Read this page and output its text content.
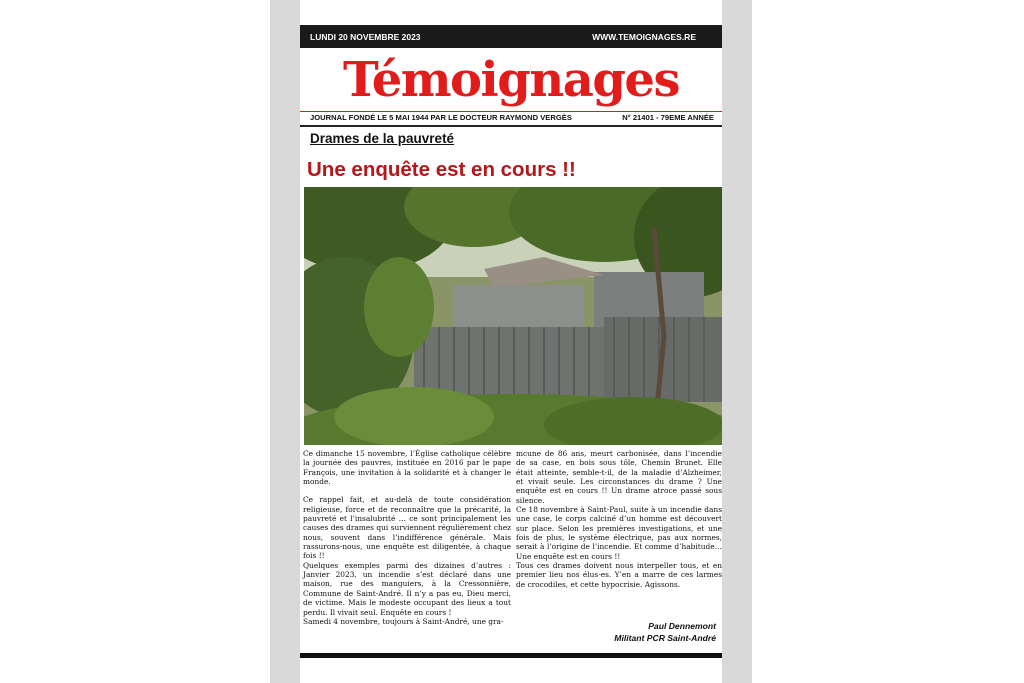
LUNDI 20 NOVEMBRE 2023	WWW.TEMOIGNAGES.RE
Témoignages
JOURNAL FONDÉ LE 5 MAI 1944 PAR LE DOCTEUR RAYMOND VERGÈS	N° 21401 - 79EME ANNÉE
Drames de la pauvreté
Une enquête est en cours !!

Ce dimanche 15 novembre, l’Église catholique célèbre la journée des pauvres, instituée en 2016 par le pape François, une invitation à la solidarité et à changer le monde.

Ce rappel fait, et au-delà de toute considération religieuse, force et de reconnaître que la précarité, la pauvreté et l’insalubrité … ce sont principalement les causes des drames qui surviennent régulièrement chez nous, souvent dans l’indifférence générale. Mais rassurons-nous, une enquête est diligentée, à chaque fois !!

Quelques exemples parmi des dizaines d’autres : Janvier 2023, un incendie s’est déclaré dans une maison, rue des manguiers, à la Cressonnière, Commune de Saint-André. Il n’y a pas eu, Dieu merci, de victime. Mais le modeste occupant des lieux a tout perdu. Il vivait seul. Enquête en cours !

Samedi 4 novembre, toujours à Saint-André, une gra-

mcune de 86 ans, meurt carbonisée, dans l’incendie de sa case, en bois sous tôle, Chemin Brunet. Elle était atteinte, semble-t-il, de la maladie d’Alzheimer, et vivait seule. Les circonstances du drame ? Une enquête est en cours !! Un drame atroce passé sous silence.

Ce 18 novembre à Saint-Paul, suite à un incendie dans une case, le corps calciné d’un homme est découvert sur place. Selon les premières investigations, et une fois de plus, le système électrique, pas aux normes, serait à l’origine de l’incendie. Et comme d’habitude… Une enquête est en cours !!

Tous ces drames doivent nous interpeller tous, et en premier lieu nos élus-es. Y’en a marre de ces larmes de crocodiles, et cette hypocrisie. Agissons.

Paul Dennemont
Militant PCR Saint-André
